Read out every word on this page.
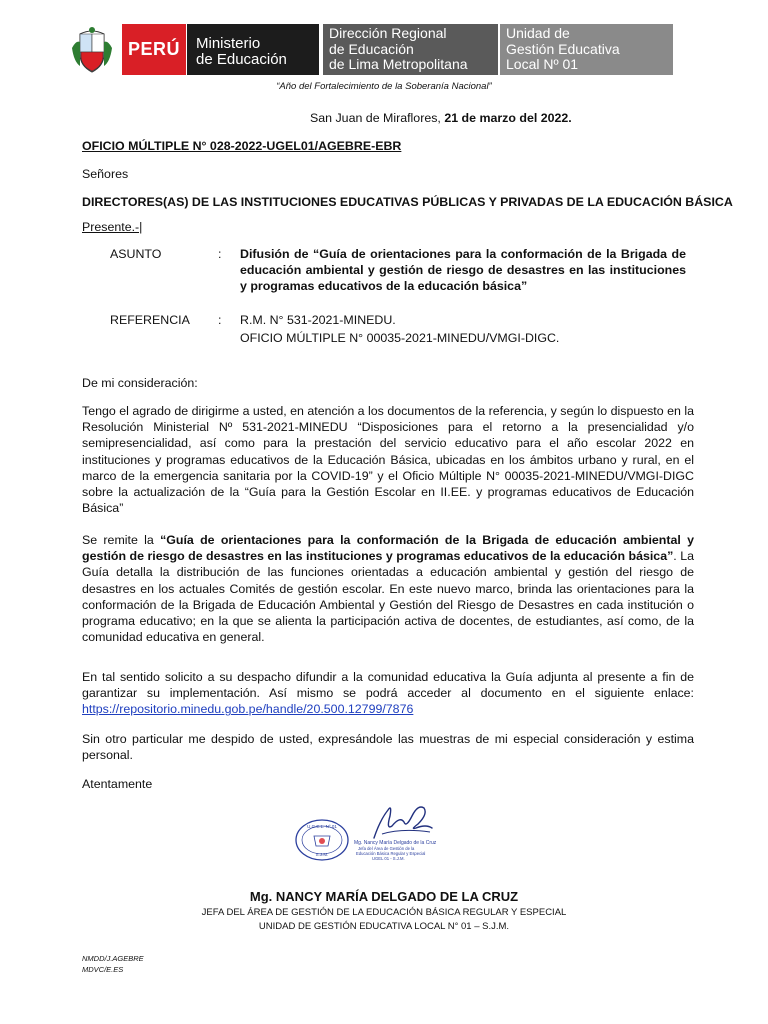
PERÚ Ministerio
de Educación
Dirección Regional
de Educación
de Lima Metropolitana
Unidad de
Gestión Educativa
Local Nº 01
“Año del Fortalecimiento de la Soberanía Nacional”
San Juan de Miraflores, 21 de marzo del 2022.
OFICIO MÚLTIPLE N° 028-2022-UGEL01/AGEBRE-EBR
Señores
DIRECTORES(AS) DE LAS INSTITUCIONES EDUCATIVAS PÚBLICAS Y PRIVADAS DE LA EDUCACIÓN BÁSICA
Presente.-|
ASUNTO	: Difusión de “Guía de orientaciones para la conformación de la Brigada de educación ambiental y gestión de riesgo de desastres en las instituciones y programas educativos de la educación básica”
REFERENCIA : R.M. N° 531-2021-MINEDU.
OFICIO MÚLTIPLE N° 00035-2021-MINEDU/VMGI-DIGC.
De mi consideración:
Tengo el agrado de dirigirme a usted, en atención a los documentos de la referencia, y según lo dispuesto en la Resolución Ministerial Nº 531-2021-MINEDU “Disposiciones para el retorno a la presencialidad y/o semipresencialidad, así como para la prestación del servicio educativo para el año escolar 2022 en instituciones y programas educativos de la Educación Básica, ubicadas en los ámbitos urbano y rural, en el marco de la emergencia sanitaria por la COVID-19” y el Oficio Múltiple N° 00035-2021-MINEDU/VMGI-DIGC sobre la actualización de la “Guía para la Gestión Escolar en II.EE. y programas educativos de Educación Básica”
Se remite la “Guía de orientaciones para la conformación de la Brigada de educación ambiental y gestión de riesgo de desastres en las instituciones y programas educativos de la educación básica”. La Guía detalla la distribución de las funciones orientadas a educación ambiental y gestión del riesgo de desastres en los actuales Comités de gestión escolar. En este nuevo marco, brinda las orientaciones para la conformación de la Brigada de Educación Ambiental y Gestión del Riesgo de Desastres en cada institución o programa educativo; en la que se alienta la participación activa de docentes, de estudiantes, así como, de la comunidad educativa en general.
En tal sentido solicito a su despacho difundir a la comunidad educativa la Guía adjunta al presente a fin de garantizar su implementación. Así mismo se podrá acceder al documento en el siguiente enlace: https://repositorio.minedu.gob.pe/handle/20.500.12799/7876
Sin otro particular me despido de usted, expresándole las muestras de mi especial consideración y estima personal.
Atentamente
U.G.E.L. N° 01
S.J.M.
Mg. Nancy María Delgado de la Cruz
Jefa del Área de Gestión de la
Educación Básica Regular y Especial
UGEL 01 - S.J.M.
Mg. NANCY MARÍA DELGADO DE LA CRUZ
JEFA DEL ÁREA DE GESTIÓN DE LA EDUCACIÓN BÁSICA REGULAR Y ESPECIAL
UNIDAD DE GESTIÓN EDUCATIVA LOCAL N° 01 – S.J.M.
NMDD/J.AGEBRE
MDVC/E.ES
